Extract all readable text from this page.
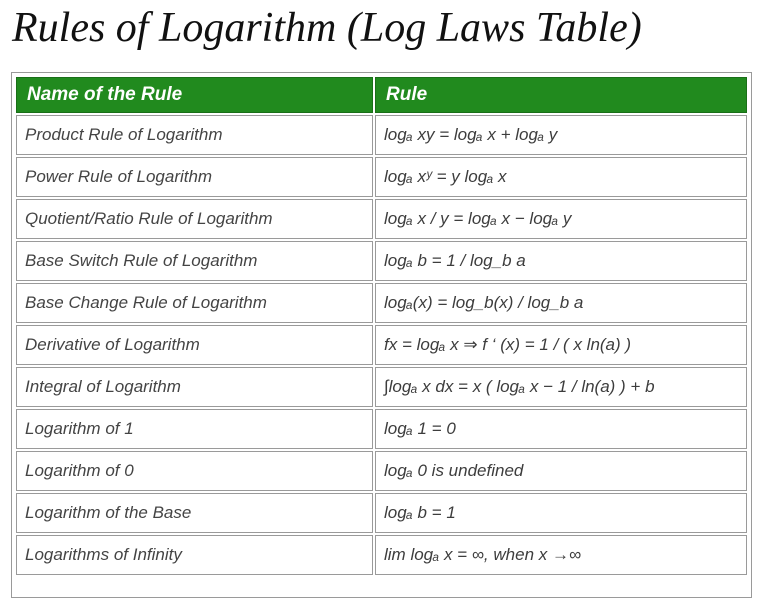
Rules of Logarithm (Log Laws Table)
Name of the Rule	Rule
Product Rule of Logarithm	logₐ xy = logₐ x + logₐ y
Power Rule of Logarithm	logₐ xʸ = y logₐ x
Quotient/Ratio Rule of Logarithm	logₐ x / y = logₐ x − logₐ y
Base Switch Rule of Logarithm	logₐ b = 1 / log_b a
Base Change Rule of Logarithm	logₐ(x) = log_b(x) / log_b a
Derivative of Logarithm	fx = logₐ x ⇒ f ‘ (x) = 1 / ( x ln(a) )
Integral of Logarithm	∫logₐ x dx = x ( logₐ x − 1 / ln(a) ) + b
Logarithm of 1	logₐ 1 = 0
Logarithm of 0	logₐ 0 is undefined
Logarithm of the Base	logₐ b = 1
Logarithms of Infinity	lim logₐ x = ∞, when x →∞
